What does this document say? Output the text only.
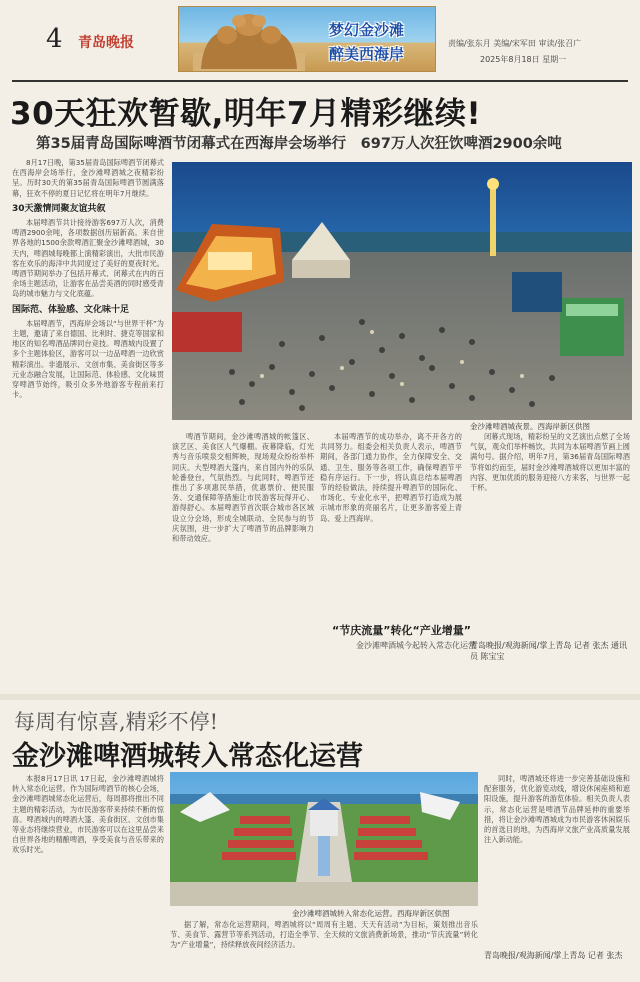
4 青岛晚报
梦幻金沙滩
醉美西海岸
责编/张东月 美编/宋军田 审读/张召广
2025年8月18日 星期一
30天狂欢暂歇,明年7月精彩继续!
第35届青岛国际啤酒节闭幕式在西海岸会场举行　697万人次狂饮啤酒2900余吨

8月17日晚，第35届青岛国际啤酒节闭幕式在西海岸会场举行，金沙滩啤酒城之夜精彩纷呈。历时30天的第35届青岛国际啤酒节圆满落幕，狂欢不停的夏日记忆将在明年7月继续。

30天激情同聚友谊共叙

本届啤酒节共计接待游客697万人次，消费啤酒2900余吨，各项数据创历届新高。来自世界各地的1500余款啤酒汇聚金沙滩啤酒城，30天内，啤酒城每晚都上演精彩演出，大批市民游客在欢乐的海洋中共同度过了美好的夏夜时光。啤酒节期间举办了包括开幕式、闭幕式在内的百余场主题活动，让游客在品尝美酒的同时感受青岛的城市魅力与文化底蕴。

国际范、体验感、文化味十足

本届啤酒节，西海岸会场以“与世界干杯”为主题，邀请了来自德国、比利时、捷克等国家和地区的知名啤酒品牌同台竞技。啤酒城内设置了多个主题体验区，游客可以一边品啤酒一边欣赏精彩演出。非遗展示、文创市集、美食街区等多元业态融合发展，让国际范、体验感、文化味贯穿啤酒节始终，吸引众多外地游客专程前来打卡。

金沙滩啤酒城夜景。西海岸新区供图

啤酒节期间，金沙滩啤酒城的帐篷区、演艺区、美食区人气爆棚。夜幕降临，灯光秀与音乐喷泉交相辉映，现场观众纷纷举杯同庆。大型啤酒大篷内，来自国内外的乐队轮番登台，气氛热烈。与此同时，啤酒节还推出了多项惠民举措，优惠票价、便民服务、交通保障等措施让市民游客玩得开心、游得舒心。本届啤酒节首次联合城市各区域设立分会场，形成全城联动、全民参与的节庆氛围，进一步扩大了啤酒节的品牌影响力和带动效应。

本届啤酒节的成功举办，离不开各方的共同努力。组委会相关负责人表示，啤酒节期间，各部门通力协作，全力保障安全、交通、卫生、服务等各项工作，确保啤酒节平稳有序运行。下一步，将认真总结本届啤酒节的经验做法，持续提升啤酒节的国际化、市场化、专业化水平，把啤酒节打造成为展示城市形象的亮丽名片，让更多游客爱上青岛、爱上西海岸。

“节庆流量”转化“产业增量”
金沙滩啤酒城今起转入常态化运营

闭幕式现场，精彩纷呈的文艺演出点燃了全场气氛，观众们举杯畅饮，共同为本届啤酒节画上圆满句号。据介绍，明年7月，第36届青岛国际啤酒节将如约而至，届时金沙滩啤酒城将以更加丰富的内容、更加优质的服务迎接八方来客，与世界一起干杯。

青岛晚报/观海新闻/掌上青岛 记者 张杰 通讯员 陈宝宝
每周有惊喜,精彩不停!
金沙滩啤酒城转入常态化运营

本报8月17日讯 17日起，金沙滩啤酒城将转入常态化运营。作为国际啤酒节的核心会场，金沙滩啤酒城常态化运营后，每周都将推出不同主题的精彩活动，为市民游客带来持续不断的惊喜。啤酒城内的啤酒大篷、美食街区、文创市集等业态将继续营业，市民游客可以在这里品尝来自世界各地的精酿啤酒，享受美食与音乐带来的欢乐时光。

金沙滩啤酒城转入常态化运营。西海岸新区供图

据了解，常态化运营期间，啤酒城将以“周周有主题、天天有活动”为目标，策划推出音乐节、美食节、露营节等系列活动，打造全季节、全天候的文旅消费新场景，推动“节庆流量”转化为“产业增量”，持续释放夜间经济活力。

同时，啤酒城还将进一步完善基础设施和配套服务，优化游览动线，增设休闲座椅和遮阳设施，提升游客的游览体验。相关负责人表示，常态化运营是啤酒节品牌延伸的重要举措，将让金沙滩啤酒城成为市民游客休闲娱乐的首选目的地，为西海岸文旅产业高质量发展注入新动能。

青岛晚报/观海新闻/掌上青岛 记者 张杰
